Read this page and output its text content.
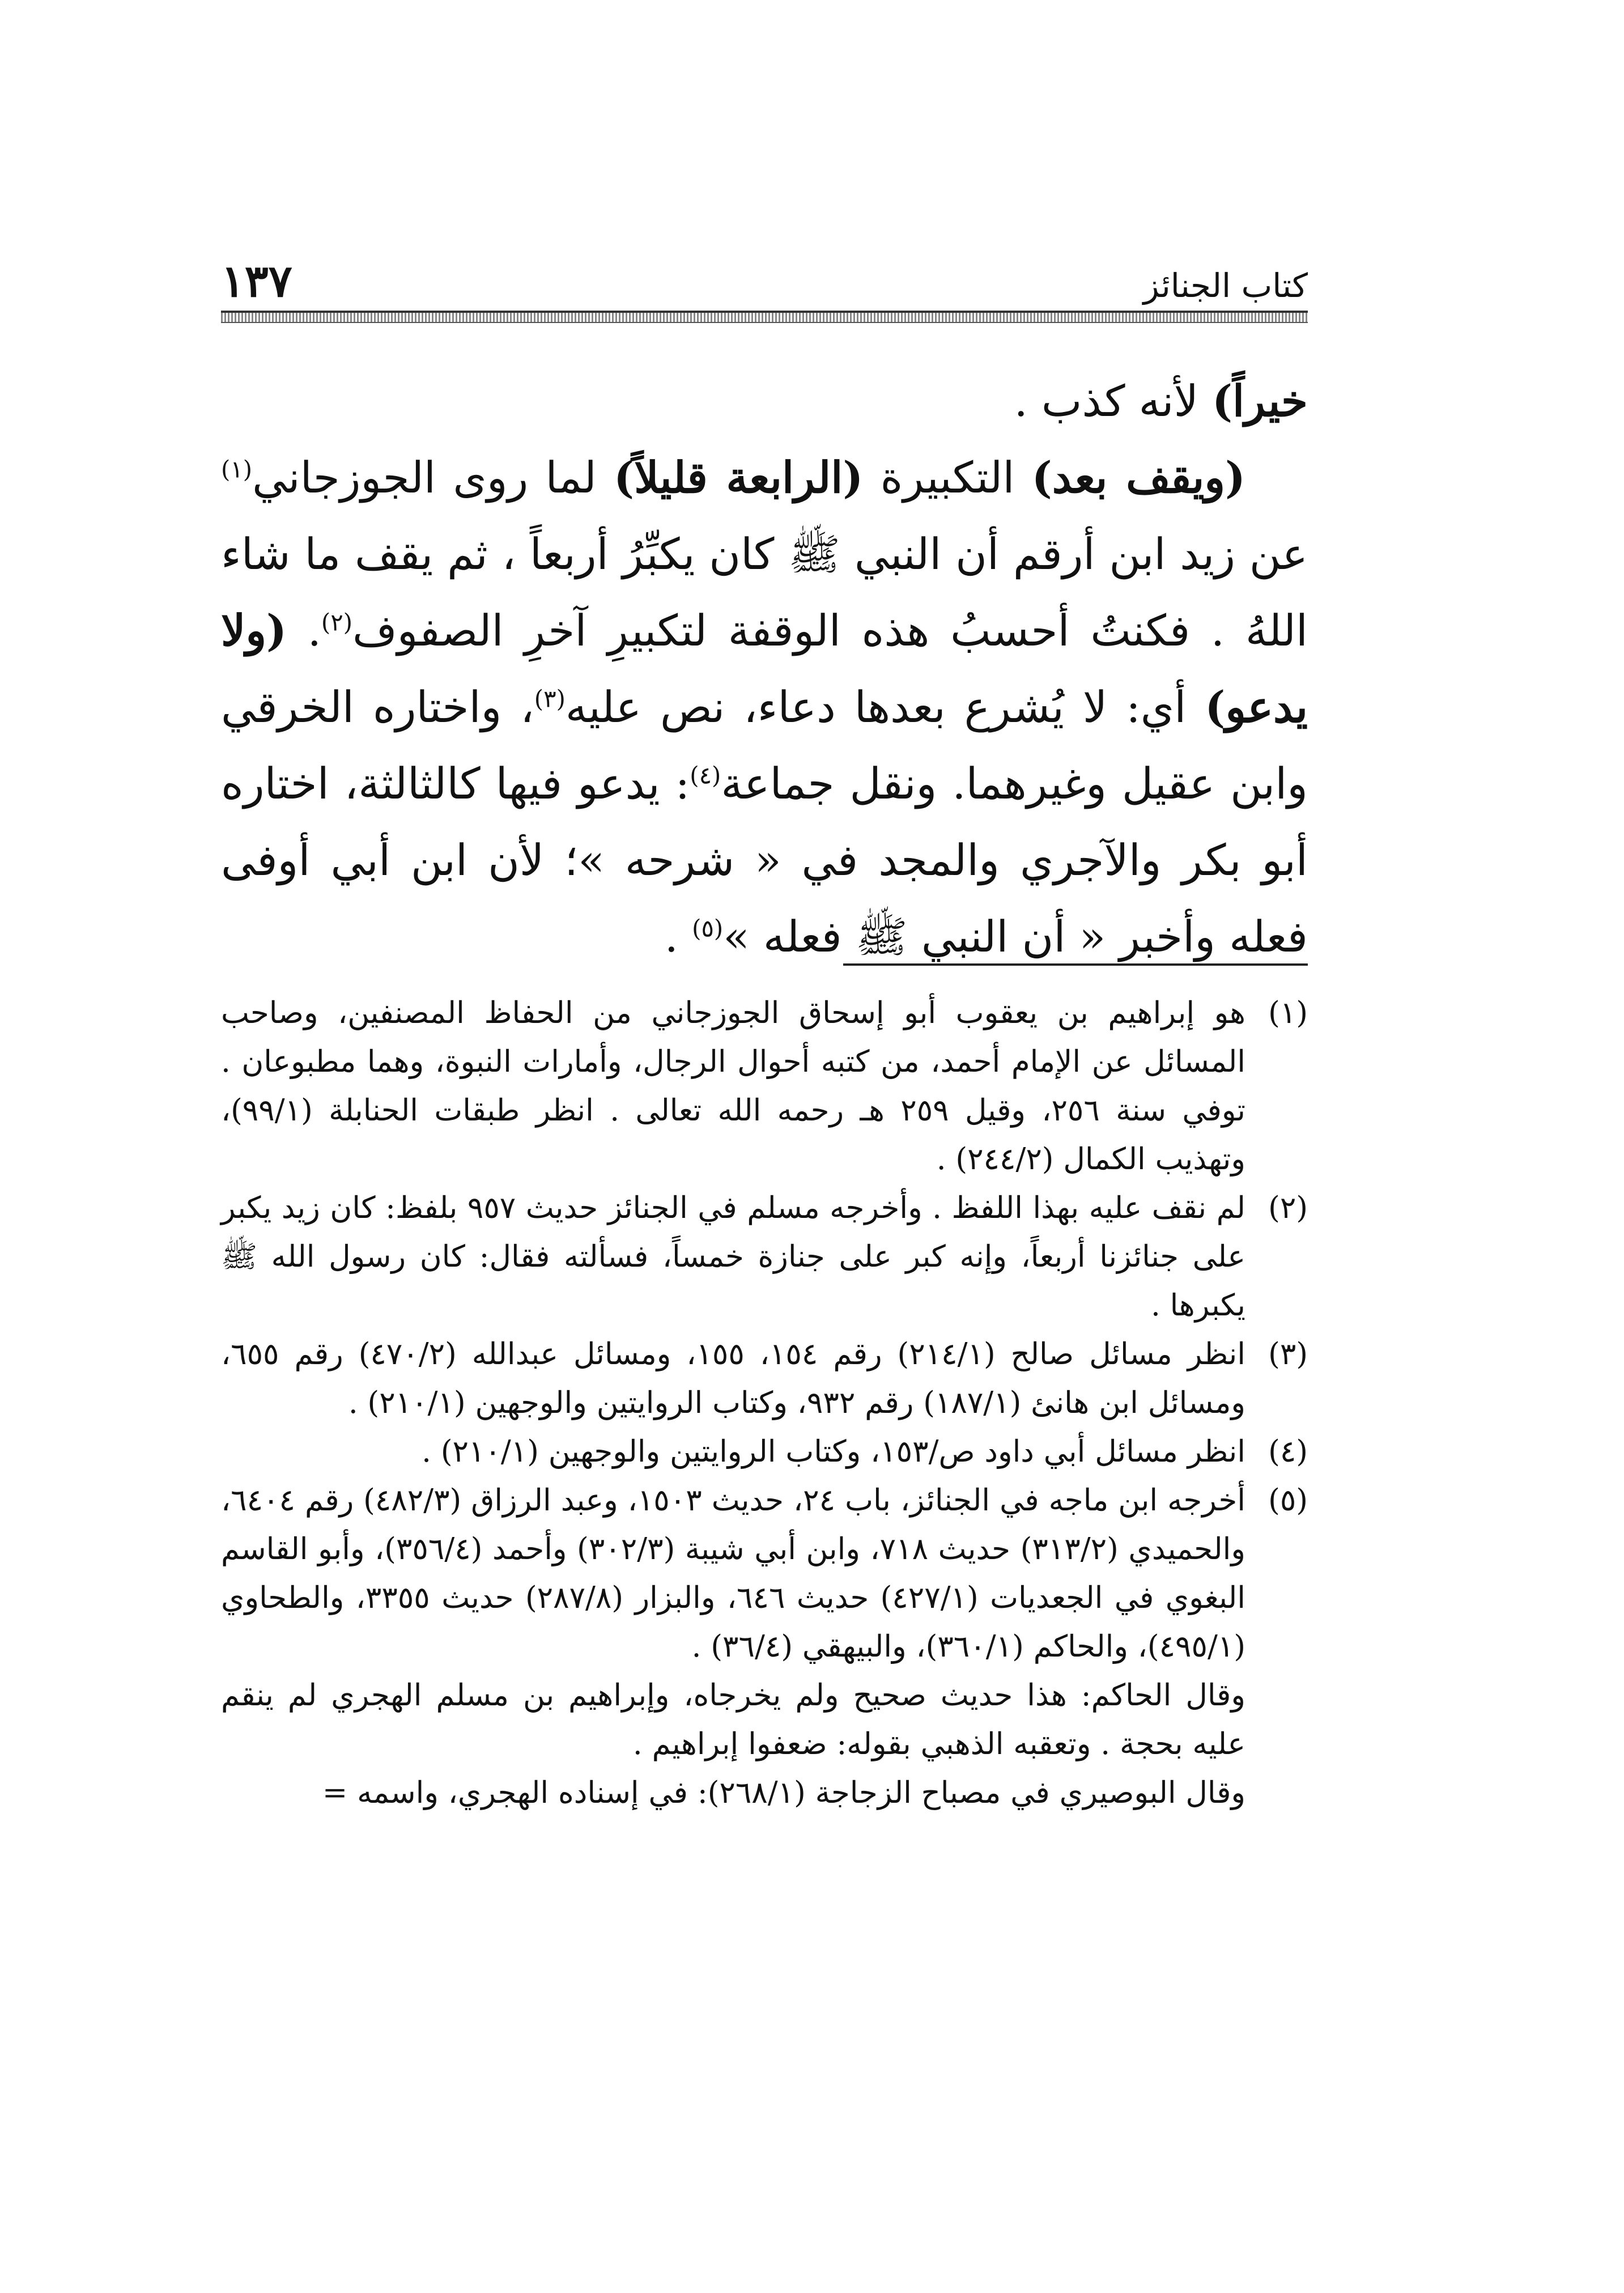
كتاب الجنائز
١٣٧

خيراً) لأنه كذب .

(ويقف بعد) التكبيرة (الرابعة قليلاً) لما روى الجوزجاني$^{(١)}$ عن زيد ابن أرقم أن النبي ﷺ كان يكبِّرُ أربعاً ، ثم يقف ما شاء اللهُ . فكنتُ أحسبُ هذه الوقفة لتكبيرِ آخرِ الصفوف$^{(٢)}$. (ولا يدعو) أي: لا يُشرع بعدها دعاء، نص عليه$^{(٣)}$، واختاره الخرقي وابن عقيل وغيرهما. ونقل جماعة$^{(٤)}$: يدعو فيها كالثالثة، اختاره أبو بكر والآجري والمجد في « شرحه »؛ لأن ابن أبي أوفى فعله وأخبر « أن النبي ﷺ فعله »$^{(٥)}$ .

(١)
هو إبراهيم بن يعقوب أبو إسحاق الجوزجاني من الحفاظ المصنفين، وصاحب المسائل عن الإمام أحمد، من كتبه أحوال الرجال، وأمارات النبوة، وهما مطبوعان . توفي سنة ٢٥٦، وقيل ٢٥٩ هـ رحمه الله تعالى . انظر طبقات الحنابلة (٩٩/١)، وتهذيب الكمال (٢٤٤/٢) .
(٢)
لم نقف عليه بهذا اللفظ . وأخرجه مسلم في الجنائز حديث ٩٥٧ بلفظ: كان زيد يكبر على جنائزنا أربعاً، وإنه كبر على جنازة خمساً، فسألته فقال: كان رسول الله ﷺ يكبرها .
(٣)
انظر مسائل صالح (٢١٤/١) رقم ١٥٤، ١٥٥، ومسائل عبدالله (٤٧٠/٢) رقم ٦٥٥، ومسائل ابن هانئ (١٨٧/١) رقم ٩٣٢، وكتاب الروايتين والوجهين (٢١٠/١) .
(٤)
انظر مسائل أبي داود ص/١٥٣، وكتاب الروايتين والوجهين (٢١٠/١) .
(٥)
أخرجه ابن ماجه في الجنائز، باب ٢٤، حديث ١٥٠٣، وعبد الرزاق (٤٨٢/٣) رقم ٦٤٠٤، والحميدي (٣١٣/٢) حديث ٧١٨، وابن أبي شيبة (٣٠٢/٣) وأحمد (٣٥٦/٤)، وأبو القاسم البغوي في الجعديات (٤٢٧/١) حديث ٦٤٦، والبزار (٢٨٧/٨) حديث ٣٣٥٥، والطحاوي (٤٩٥/١)، والحاكم (٣٦٠/١)، والبيهقي (٣٦/٤) .

وقال الحاكم: هذا حديث صحيح ولم يخرجاه، وإبراهيم بن مسلم الهجري لم ينقم عليه بحجة . وتعقبه الذهبي بقوله: ضعفوا إبراهيم .

وقال البوصيري في مصباح الزجاجة (٢٦٨/١): في إسناده الهجري، واسمه =
